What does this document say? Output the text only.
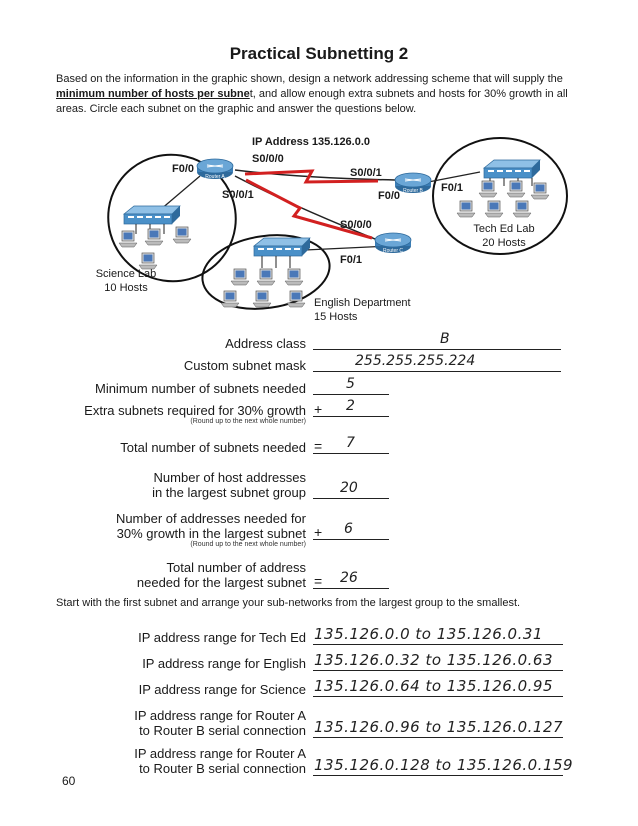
Practical Subnetting 2
Based on the information in the graphic shown, design a network addressing scheme that will supply the minimum number of hosts per subnet, and allow enough extra subnets and hosts for 30% growth in all areas. Circle each subnet on the graphic and answer the questions below.
Router A
Router B
Router C
IP Address 135.126.0.0
F0/0
S0/0/0
S0/0/1
S0/0/1
F0/0
F0/1
S0/0/0
F0/1
Science Lab
10 Hosts
Tech Ed Lab
20 Hosts
English Department
15 Hosts
Address class	B
Custom subnet mask	255.255.255.224
Minimum number of subnets needed	5
Extra subnets required for 30% growth
(Round up to the next whole number)
+ 2
Total number of subnets needed = 7
Number of host addresses
in the largest subnet group 20
Number of addresses needed for
30% growth in the largest subnet
(Round up to the next whole number)
+ 6
Total number of address
needed for the largest subnet = 26
Start with the first subnet and arrange your sub-networks from the largest group to the smallest.
IP address range for Tech Ed 135.126.0.0 to 135.126.0.31
IP address range for English 135.126.0.32 to 135.126.0.63
IP address range for Science 135.126.0.64 to 135.126.0.95
IP address range for Router A
to Router B serial connection 135.126.0.96 to 135.126.0.127
IP address range for Router A
to Router B serial connection 135.126.0.128 to 135.126.0.159
60
